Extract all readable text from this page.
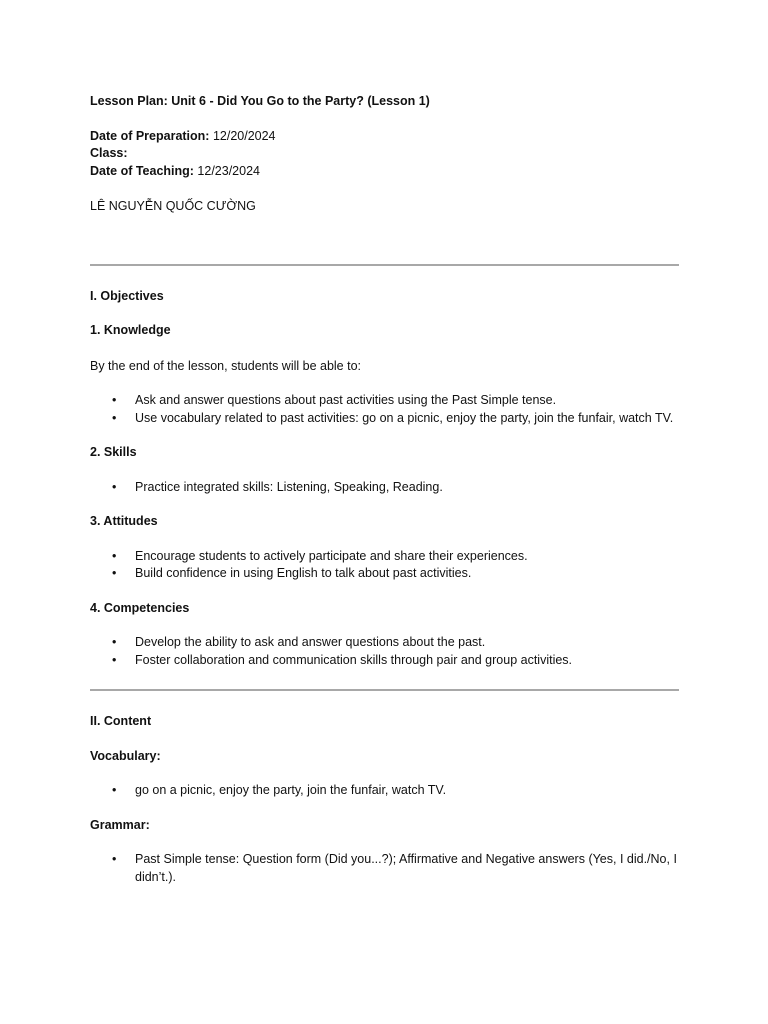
Lesson Plan: Unit 6 - Did You Go to the Party? (Lesson 1)

Date of Preparation: 12/20/2024
Class:
Date of Teaching: 12/23/2024
LÊ NGUYỄN QUỐC CƯỜNG
I. Objectives
1. Knowledge
By the end of the lesson, students will be able to:
• Ask and answer questions about past activities using the Past Simple tense.
• Use vocabulary related to past activities: go on a picnic, enjoy the party, join the funfair, watch TV.
2. Skills
• Practice integrated skills: Listening, Speaking, Reading.
3. Attitudes
• Encourage students to actively participate and share their experiences.
• Build confidence in using English to talk about past activities.
4. Competencies
• Develop the ability to ask and answer questions about the past.
• Foster collaboration and communication skills through pair and group activities.
II. Content
Vocabulary:
• go on a picnic, enjoy the party, join the funfair, watch TV.
Grammar:
• Past Simple tense: Question form (Did you...?); Affirmative and Negative answers (Yes, I did./No, I didn’t.).
